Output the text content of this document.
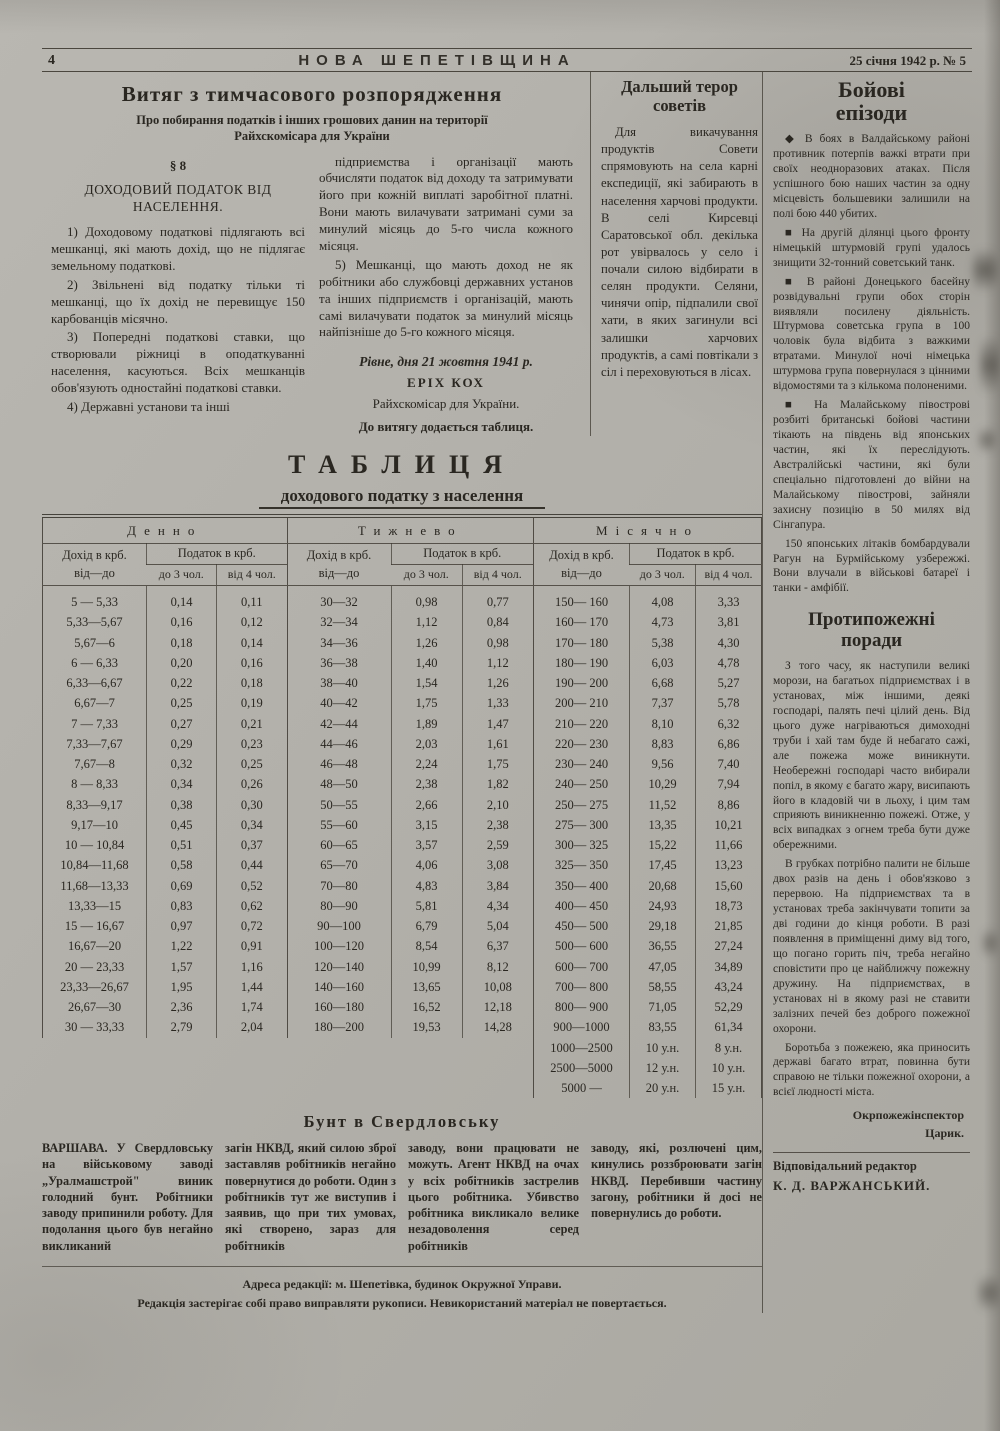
4	НОВА ШЕПЕТІВЩИНА	25 січня 1942 р. № 5
Витяг з тимчасового розпорядження
Про побирання податків і інших грошових данин на території
Райхскомісара для України
§ 8
ДОХОДОВИЙ ПОДАТОК ВІД
НАСЕЛЕННЯ.

1) Доходовому податкові підлягають всі мешканці, які мають дохід, що не підлягає земельному податкові.

2) Звільнені від податку тільки ті мешканці, що їх дохід не перевищує 150 карбованців місячно.

3) Попередні податкові ставки, що створювали ріжниці в оподаткуванні населення, касуються. Всіх мешканців обов'язують одностайні податкові ставки.

4) Державні установи та інші

підприємства і організації мають обчисляти податок від доходу та затримувати його при кожній виплаті заробітної платні. Вони мають вилачувати затримані суми за минулий місяць до 5-го числа кожного місяця.

5) Мешканці, що мають доход не як робітники або службовці державних установ та інших підприємств і організацій, мають самі вилачувати податок за минулий місяць найпізніше до 5-го кожного місяця.

Рівне, дня 21 жовтня 1941 р.
ЕРІХ КОХ
Райхскомісар для України.
До витягу додається таблиця.
Дальший терор
советів

Для викачування продуктів Совети спрямовують на села карні експедиції, які забирають в населення харчові продукти. В селі Кирсевці Саратовської обл. декілька рот увірвалось у село і почали силою відбирати в селян продукти. Селяни, чинячи опір, підпалили свої хати, в яких загинули всі залишки харчових продуктів, а самі повтікали з сіл і переховуються в лісах.

ТАБЛИЦЯ
доходового податку з населення
Денно		
Дохід в крб.
від—до	Податок в крб.	
	до 3 чол.	від 4 чол.
5 — 5,33	0,14	0,11
5,33—5,67	0,16	0,12
5,67—6	0,18	0,14
6 — 6,33	0,20	0,16
6,33—6,67	0,22	0,18
6,67—7	0,25	0,19
7 — 7,33	0,27	0,21
7,33—7,67	0,29	0,23
7,67—8	0,32	0,25
8 — 8,33	0,34	0,26
8,33—9,17	0,38	0,30
9,17—10	0,45	0,34
10 — 10,84	0,51	0,37
10,84—11,68	0,58	0,44
11,68—13,33	0,69	0,52
13,33—15	0,83	0,62
15 — 16,67	0,97	0,72
16,67—20	1,22	0,91
20 — 23,33	1,57	1,16
23,33—26,67	1,95	1,44
26,67—30	2,36	1,74
30 — 33,33	2,79	2,04
Тижнево		
Дохід в крб.
від—до	Податок в крб.	
	до 3 чол.	від 4 чол.
30—32	0,98	0,77
32—34	1,12	0,84
34—36	1,26	0,98
36—38	1,40	1,12
38—40	1,54	1,26
40—42	1,75	1,33
42—44	1,89	1,47
44—46	2,03	1,61
46—48	2,24	1,75
48—50	2,38	1,82
50—55	2,66	2,10
55—60	3,15	2,38
60—65	3,57	2,59
65—70	4,06	3,08
70—80	4,83	3,84
80—90	5,81	4,34
90—100	6,79	5,04
100—120	8,54	6,37
120—140	10,99	8,12
140—160	13,65	10,08
160—180	16,52	12,18
180—200	19,53	14,28
Місячно		
Дохід в крб.
від—до	Податок в крб.	
	до 3 чол.	від 4 чол.
150— 160	4,08	3,33
160— 170	4,73	3,81
170— 180	5,38	4,30
180— 190	6,03	4,78
190— 200	6,68	5,27
200— 210	7,37	5,78
210— 220	8,10	6,32
220— 230	8,83	6,86
230— 240	9,56	7,40
240— 250	10,29	7,94
250— 275	11,52	8,86
275— 300	13,35	10,21
300— 325	15,22	11,66
325— 350	17,45	13,23
350— 400	20,68	15,60
400— 450	24,93	18,73
450— 500	29,18	21,85
500— 600	36,55	27,24
600— 700	47,05	34,89
700— 800	58,55	43,24
800— 900	71,05	52,29
900—1000	83,55	61,34
1000—2500	10 у.н.	8 у.н.
2500—5000	12 у.н.	10 у.н.
5000 —	20 у.н.	15 у.н.
Бунт в Свердловську
ВАРШАВА. У Свердловську на військовому заводі „Уралмашстрой" виник голодний бунт. Робітники заводу припинили роботу. Для подолання цього був негайно викликаний
загін НКВД, який силою зброї заставляв робітників негайно повернутися до роботи. Один з робітників тут же виступив і заявив, що при тих умовах, які створено, зараз для робітників
заводу, вони працювати не можуть. Агент НКВД на очах у всіх робітників застрелив цього робітника. Убивство робітника викликало велике незадоволення серед робітників
заводу, які, розлючені цим, кинулись роззброювати загін НКВД. Перебивши частину загону, робітники й досі не повернулись до роботи.
Адреса редакції: м. Шепетівка, будинок Окружної Управи.
Редакція застерігає собі право виправляти рукописи. Невикористаний матеріал не повертається.
Бойові
епізоди

◆ В боях в Валдайському районі противник потерпів важкі втрати при своїх неодноразових атаках. Після успішного бою наших частин за одну місцевість большевики залишили на полі бою 440 убитих.

■ На другій ділянці цього фронту німецькій штурмовій групі удалось знищити 32-тонний советський танк.

■ В районі Донецького басейну розвідувальні групи обох сторін виявляли посилену діяльність. Штурмова советська група в 100 чоловік була відбита з важкими втратами. Минулої ночі німецька штурмова група повернулася з цінними відомостями та з кількома полоненими.

■ На Малайському півострові розбиті британські бойові частини тікають на південь від японських частин, які їх переслідують. Австралійські частини, які були спеціально підготовлені до війни на Малайському півострові, зайняли захисну позицію в 50 милях від Сінгапура.

150 японських літаків бомбардували Рагун на Бурмійському узбережжі. Вони влучали в військові батареї і танки - амфібії.

Протипожежні
поради

З того часу, як наступили великі морози, на багатьох підприємствах і в установах, між іншими, деякі господарі, палять печі цілий день. Від цього дуже нагріваються димоходні труби і хай там буде й небагато сажі, але пожежа може виникнути. Необережні господарі часто вибирали попіл, в якому є багато жару, висипають його в кладовій чи в льоху, і цим там сприяють виникненню пожежі. Отже, у всіх випадках з огнем треба бути дуже обережними.

В грубках потрібно палити не більше двох разів на день і обов'язково з перервою. На підприємствах та в установах треба закінчувати топити за дві години до кінця роботи. В разі появлення в приміщенні диму від того, що погано горить піч, треба негайно сповістити про це найближчу пожежну дружину. На підприємствах, в установах ні в якому разі не ставити залізних печей без доброго пожежної охорони.

Боротьба з пожежею, яка приносить державі багато втрат, повинна бути справою не тільки пожежної охорони, а всієї людності міста.

Окрпожежінспектор
Царик.
Відповідальний редактор
К. Д. ВАРЖАНСЬКИЙ.
